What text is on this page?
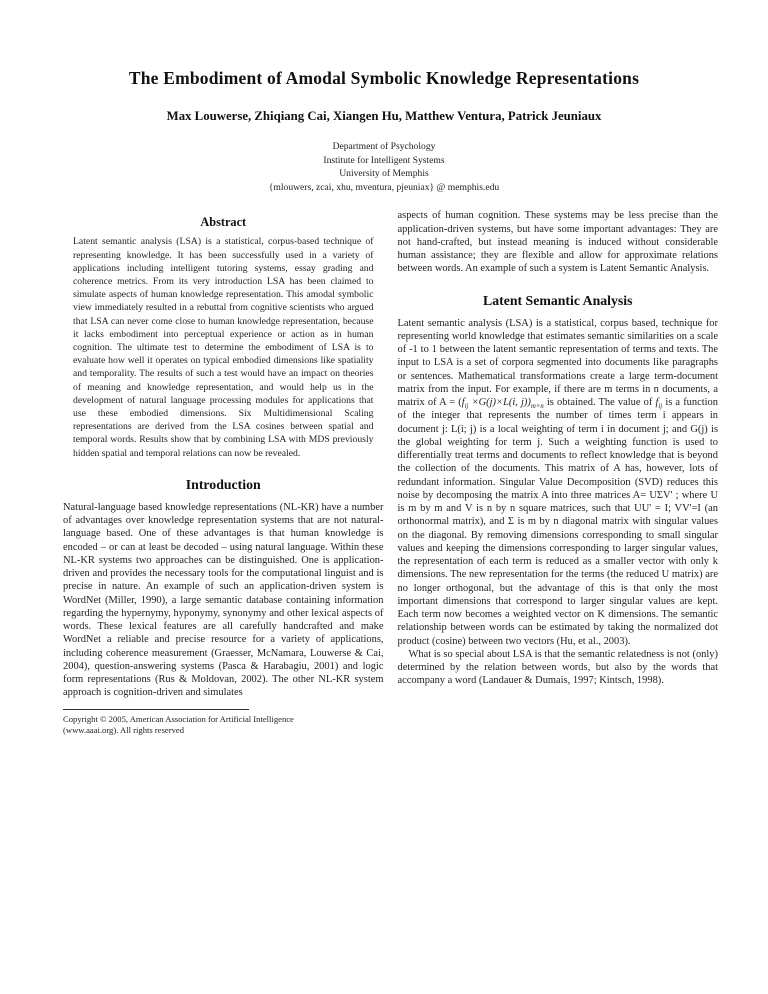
The Embodiment of Amodal Symbolic Knowledge Representations
Max Louwerse, Zhiqiang Cai, Xiangen Hu, Matthew Ventura, Patrick Jeuniaux
Department of Psychology
Institute for Intelligent Systems
University of Memphis
{mlouwers, zcai, xhu, mventura, pjeuniax} @ memphis.edu
Abstract

Latent semantic analysis (LSA) is a statistical, corpus-based technique of representing knowledge. It has been successfully used in a variety of applications including intelligent tutoring systems, essay grading and coherence metrics. From its very introduction LSA has been claimed to simulate aspects of human knowledge representation. This amodal symbolic view immediately resulted in a rebuttal from cognitive scientists who argued that LSA can never come close to human knowledge representation, because it lacks embodiment into perceptual experience or action as in human cognition. The ultimate test to determine the embodiment of LSA is to evaluate how well it operates on typical embodied dimensions like spatiality and temporality. The results of such a test would have an impact on theories of meaning and knowledge representation, and would help us in the development of natural language processing modules for applications that use these embodied dimensions. Six Multidimensional Scaling representations are derived from the LSA cosines between spatial and temporal words. Results show that by combining LSA with MDS previously hidden spatial and temporal relations can now be revealed.

Introduction

Natural-language based knowledge representations (NL-KR) have a number of advantages over knowledge representation systems that are not natural-language based. One of these advantages is that human knowledge is encoded – or can at least be decoded – using natural language. Within these NL-KR systems two approaches can be distinguished. One is application-driven and provides the necessary tools for the computational linguist and is precise in nature. An example of such an application-driven system is WordNet (Miller, 1990), a large semantic database containing information regarding the hypernymy, hyponymy, synonymy and other lexical aspects of words. These lexical features are all carefully handcrafted and make WordNet a reliable and precise resource for a variety of applications, including coherence measurement (Graesser, McNamara, Louwerse & Cai, 2004), question-answering systems (Pasca & Harabagiu, 2001) and logic form representations (Rus & Moldovan, 2002). The other NL-KR system approach is cognition-driven and simulates

Copyright © 2005, American Association for Artificial Intelligence
(www.aaai.org). All rights reserved

aspects of human cognition. These systems may be less precise than the application-driven systems, but have some important advantages: They are not hand-crafted, but instead meaning is induced without considerable human assistance; they are flexible and allow for approximate relations between words. An example of such a system is Latent Semantic Analysis.

Latent Semantic Analysis

Latent semantic analysis (LSA) is a statistical, corpus based, technique for representing world knowledge that estimates semantic similarities on a scale of -1 to 1 between the latent semantic representation of terms and texts. The input to LSA is a set of corpora segmented into documents like paragraphs or sentences. Mathematical transformations create a large term-document matrix from the input. For example, if there are m terms in n documents, a matrix of $A = (f_{ij} \times G(j)\times L(i$, $j))_{m\times n}$ is obtained. The value of $f_{ij}$ is a function of the integer that represents the number of times term i appears in document j: L(i; j) is a local weighting of term i in document j; and G(j) is the global weighting for term j. Such a weighting function is used to differentially treat terms and documents to reflect knowledge that is beyond the collection of the documents. This matrix of A has, however, lots of redundant information. Singular Value Decomposition (SVD) reduces this noise by decomposing the matrix A into three matrices A= UΣV' ; where U is m by m and V is n by n square matrices, such that UU' = I; VV'=I (an orthonormal matrix), and Σ is m by n diagonal matrix with singular values on the diagonal. By removing dimensions corresponding to small singular values and keeping the dimensions corresponding to larger singular values, the representation of each term is reduced as a smaller vector with only k dimensions. The new representation for the terms (the reduced U matrix) are no longer orthogonal, but the advantage of this is that only the most important dimensions that correspond to larger singular values are kept. Each term now becomes a weighted vector on K dimensions. The semantic relationship between words can be estimated by taking the normalized dot product (cosine) between two vectors (Hu, et al., 2003).

What is so special about LSA is that the semantic relatedness is not (only) determined by the relation between words, but also by the words that accompany a word (Landauer & Dumais, 1997; Kintsch, 1998).
